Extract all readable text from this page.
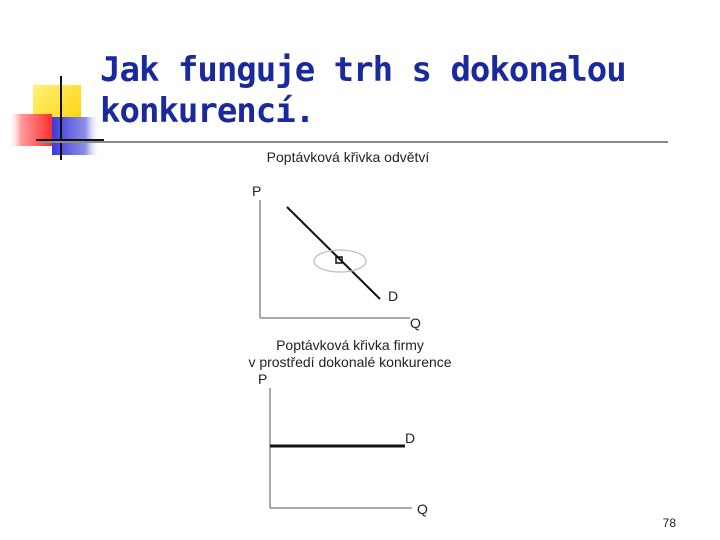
Jak funguje trh s dokonalou konkurencí.
Poptávková křivka odvětví
P
Q
D
Poptávková křivka firmy
v prostředí dokonalé konkurence
P
Q
D
78
